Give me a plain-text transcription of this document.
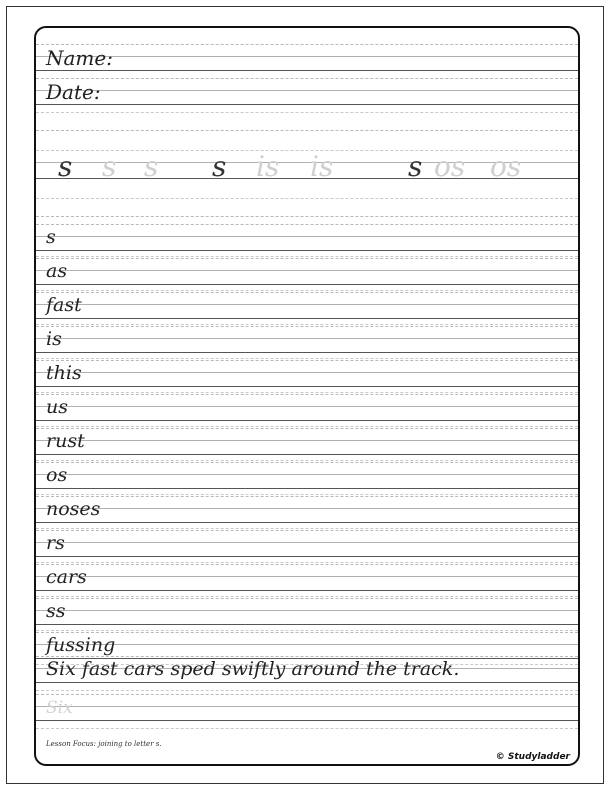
Name:
Date:
s s s s is is	s os os
s
as
fast
is
this
us
rust
os
noses
rs
cars
ss
fussing
Six fast cars sped swiftly around the track.
Six
Lesson Focus: joining to letter s.
© Studyladder
